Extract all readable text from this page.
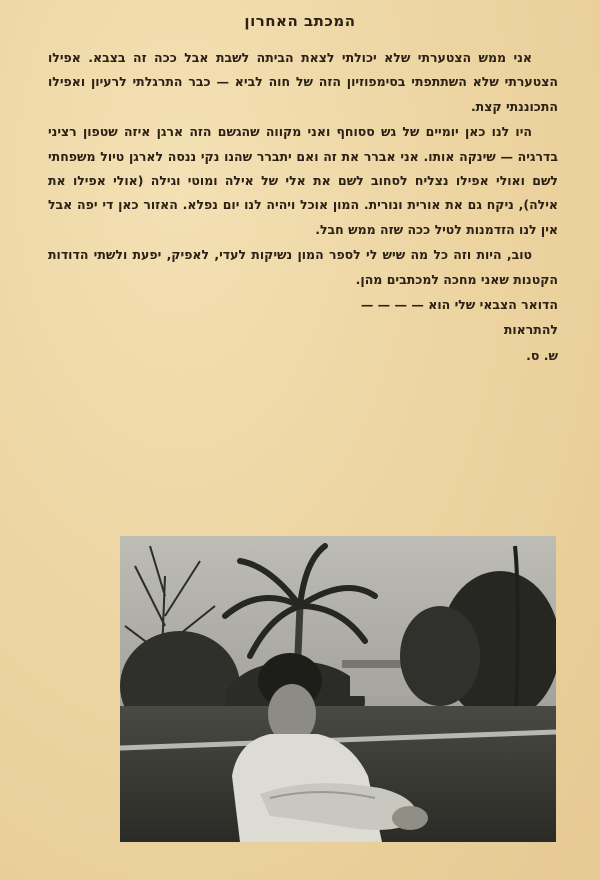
המכתב האחרון

אני ממש הצטערתי שלא יכולתי לצאת הביתה לשבת אבל ככה זה בצבא. אפילו הצטערתי שלא השתתפתי בסימפוזיון הזה של חוה לביא — כבר התרגלתי לרעיון ואפילו התכוננתי קצת.

היו לנו כאן יומיים של גש ססוחף ואני מקווה שהגשם הזה ארגן איזה שטפון רציני בדרגיה — שינקה אותו. אני אברר את זה ואם יתברר שהנו נקי ננסה לארגן טיול משפחתי לשם ואולי אפילו נצליח לסחוב לשם את אלי של אילה ומוטי וגילה (אולי אפילו את אילה), ניקח גם את אורית ונורית. המון אוכל ויהיה לנו יום נפלא. האזור כאן די יפה אבל אין לנו הזדמנות לטיל ככה שזה ממש חבל.

טוב, היות וזה כל מה שיש לי לספר המון נשיקות לעדי, לאפיק, יפעת ולשתי הדודות הקטנות שאני מחכה למכתבים מהן.

הדואר הצבאי שלי הוא — — — —

להתראות

ש. ס.
